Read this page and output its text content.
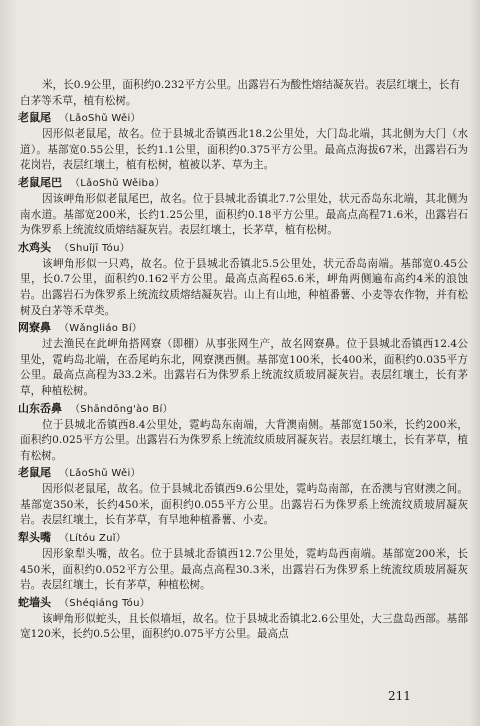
米，长0.9公里，面积约0.232平方公里。出露岩石为酸性熔结凝灰岩。表层红壤土，长有白茅等禾草，植有松树。

老鼠尾 （LǎoShǔ Wěi）

因形似老鼠尾，故名。位于县城北岙镇西北18.2公里处，大门岛北端，其北侧为大门（水道）。基部宽0.55公里，长约1.1公里，面积约0.375平方公里。最高点海拔67米，出露岩石为花岗岩，表层红壤土，植有松树，植被以茅、草为主。

老鼠尾巴 （LǎoShǔ Wěiba）

因该岬角形似老鼠尾巴，故名。位于县城北岙镇北7.7公里处，状元岙岛东北端，其北侧为南水道。基部宽200米，长约1.25公里，面积约0.18平方公里。最高点高程71.6米，出露岩石为侏罗系上统流纹质熔结凝灰岩。表层红壤土，长茅草，植有松树。

水鸡头 （Shuǐjī Tóu）

该岬角形似一只鸡，故名。位于县城北岙镇北5.5公里处，状元岙岛南端。基部宽0.45公里，长0.7公里，面积约0.162平方公里。最高点高程65.6米，岬角两侧遍布高约4米的浪蚀岩。出露岩石为侏罗系上统流纹质熔结凝灰岩。山上有山地，种植番薯、小麦等农作物，并有松树及白茅等禾草类。

网寮鼻 （Wǎngliáo Bí）

过去渔民在此岬角搭网寮（即棚）从事张网生产，故名网寮鼻。位于县城北岙镇西12.4公里处，霓屿岛北端，在岙尾屿东北，网寮澳西侧。基部宽100米，长400米，面积约0.035平方公里。最高点高程为33.2米。出露岩石为侏罗系上统流纹质玻屑凝灰岩。表层红壤土，长有茅草，种植松树。

山东岙鼻 （Shāndōng'ào Bí）

位于县城北岙镇西8.4公里处，霓屿岛东南端，大背澳南侧。基部宽150米，长约200米，面积约0.025平方公里。出露岩石为侏罗系上统流纹质玻屑凝灰岩。表层红壤土，长有茅草，植有松树。

老鼠尾 （LǎoShǔ Wěi）

因形似老鼠尾，故名。位于县城北岙镇西9.6公里处，霓屿岛南部，在岙澳与官财澳之间。基部宽350米，长约450米，面积约0.055平方公里。出露岩石为侏罗系上统流纹质玻屑凝灰岩。表层红壤土，长有茅草，有旱地种植番薯、小麦。

犁头嘴 （Lítóu Zuǐ）

因形象犁头嘴，故名。位于县城北岙镇西12.7公里处，霓屿岛西南端。基部宽200米，长450米，面积约0.052平方公里。最高点高程30.3米，出露岩石为侏罗系上统流纹质玻屑凝灰岩。表层红壤土，长有茅草，种植松树。

蛇墙头 （Shéqiáng Tóu）

该岬角形似蛇头，且长似墙垣，故名。位于县城北岙镇北2.6公里处，大三盘岛西部。基部宽120米，长约0.5公里，面积约0.075平方公里。最高点

211
